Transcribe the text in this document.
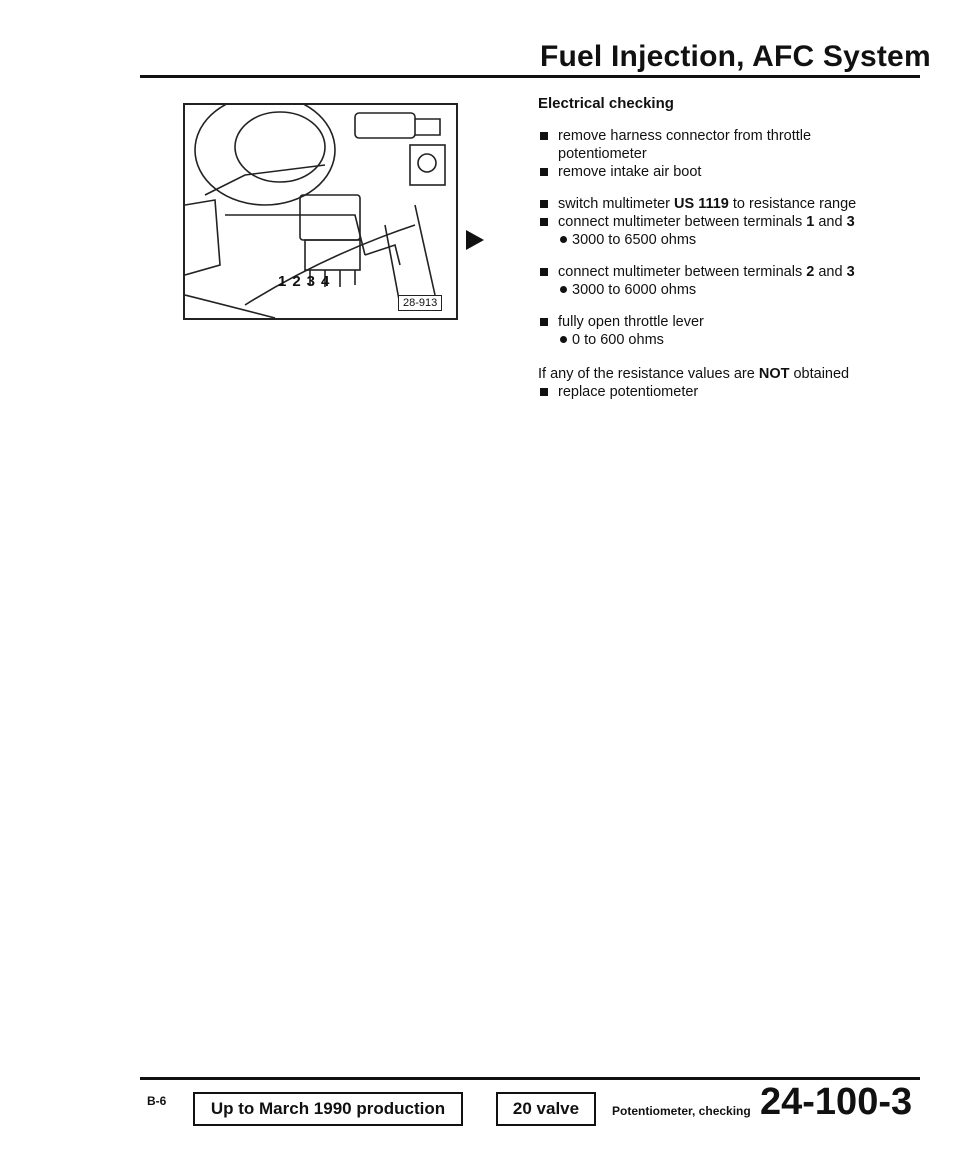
Fuel Injection, AFC System
1234
28-913

Electrical checking

remove harness connector from throttle potentiometer

remove intake air boot

switch multimeter US 1119 to resistance range

connect multimeter between terminals 1 and 3

3000 to 6500 ohms

connect multimeter between terminals 2 and 3

3000 to 6000 ohms

fully open throttle lever

0 to 600 ohms

If any of the resistance values are NOT obtained

replace potentiometer

B-6	Up to March 1990 production	20 valve	Potentiometer, checking 24-100-3
